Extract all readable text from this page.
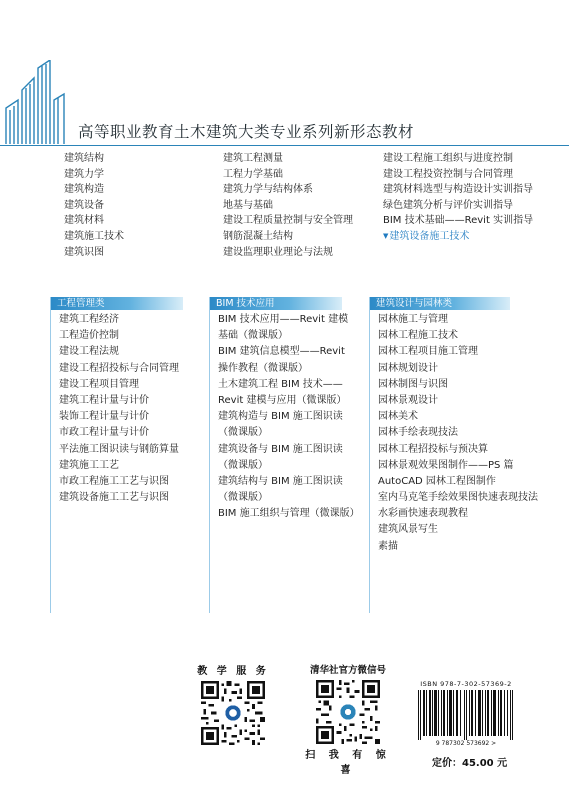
高等职业教育土木建筑大类专业系列新形态教材
建筑结构
建筑力学
建筑构造
建筑设备
建筑材料
建筑施工技术
建筑识图
建筑工程测量
工程力学基础
建筑力学与结构体系
地基与基础
建设工程质量控制与安全管理
钢筋混凝土结构
建设监理职业理论与法规
建设工程施工组织与进度控制
建设工程投资控制与合同管理
建筑材料选型与构造设计实训指导
绿色建筑分析与评价实训指导
BIM 技术基础——Revit 实训指导
▼建筑设备施工技术
工程管理类
建筑工程经济
工程造价控制
建设工程法规
建设工程招投标与合同管理
建设工程项目管理
建筑工程计量与计价
装饰工程计量与计价
市政工程计量与计价
平法施工图识读与钢筋算量
建筑施工工艺
市政工程施工工艺与识图
建筑设备施工工艺与识图
BIM 技术应用
BIM 技术应用——Revit 建模
基础（微课版）
BIM 建筑信息模型——Revit
操作教程（微课版）
土木建筑工程 BIM 技术——
Revit 建模与应用（微课版）
建筑构造与 BIM 施工图识读
（微课版）
建筑设备与 BIM 施工图识读
（微课版）
建筑结构与 BIM 施工图识读
（微课版）
BIM 施工组织与管理（微课版）
建筑设计与园林类
园林施工与管理
园林工程施工技术
园林工程项目施工管理
园林规划设计
园林制图与识图
园林景观设计
园林美术
园林手绘表现技法
园林工程招投标与预决算
园林景观效果图制作——PS 篇
AutoCAD 园林工程图制作
室内马克笔手绘效果图快速表现技法
水彩画快速表现教程
建筑风景写生
素描
教 学 服 务	清华社官方微信号
扫 我 有 惊 喜
ISBN 978-7-302-57369-2
9 787302 573692 >
定价：45.00 元
